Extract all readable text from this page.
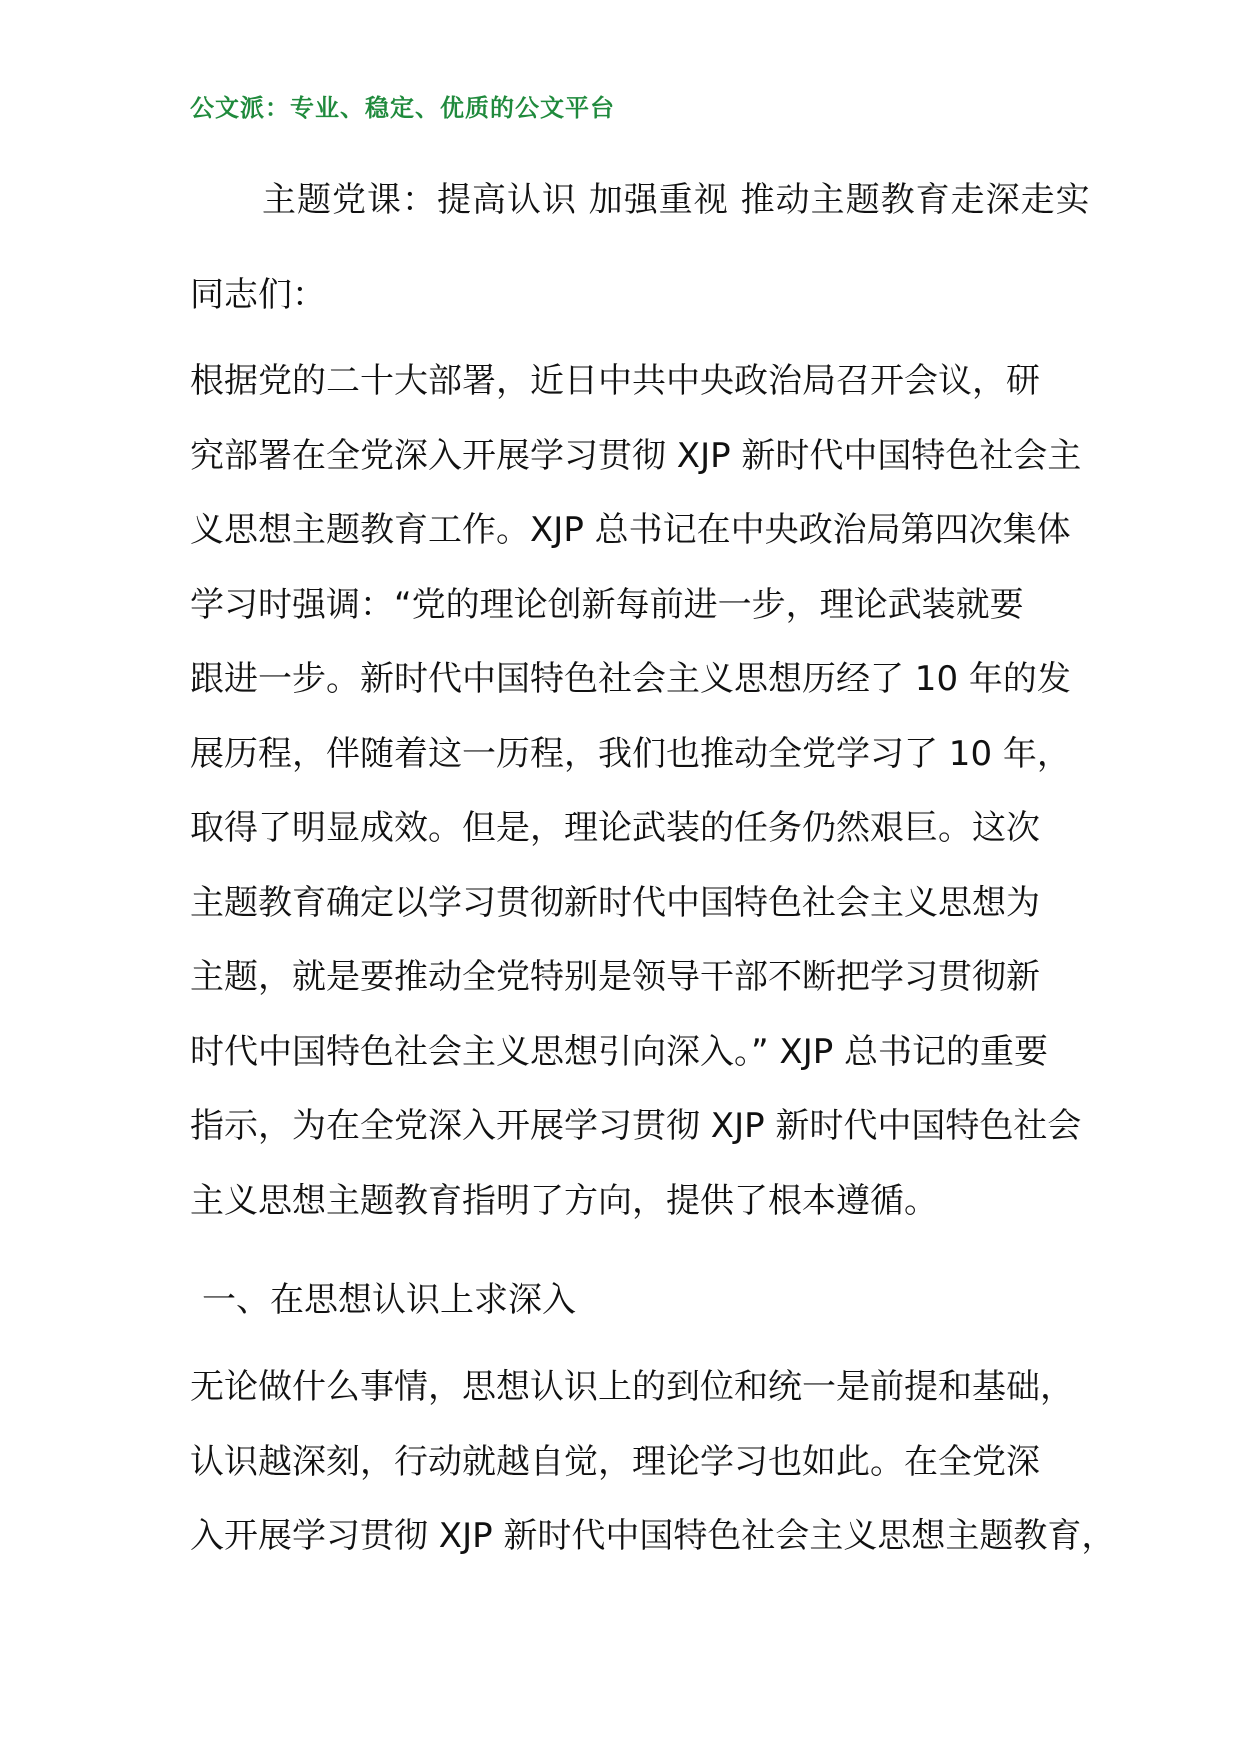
公文派：专业、稳定、优质的公文平台
主题党课：提高认识 加强重视 推动主题教育走深走实
同志们：
根据党的二十大部署，近日中共中央政治局召开会议，研
究部署在全党深入开展学习贯彻 XJP 新时代中国特色社会主
义思想主题教育工作。XJP 总书记在中央政治局第四次集体
学习时强调：“党的理论创新每前进一步，理论武装就要
跟进一步。新时代中国特色社会主义思想历经了 10 年的发
展历程，伴随着这一历程，我们也推动全党学习了 10 年，
取得了明显成效。但是，理论武装的任务仍然艰巨。这次
主题教育确定以学习贯彻新时代中国特色社会主义思想为
主题，就是要推动全党特别是领导干部不断把学习贯彻新
时代中国特色社会主义思想引向深入。” XJP 总书记的重要
指示，为在全党深入开展学习贯彻 XJP 新时代中国特色社会
主义思想主题教育指明了方向，提供了根本遵循。
一、在思想认识上求深入
无论做什么事情，思想认识上的到位和统一是前提和基础，
认识越深刻，行动就越自觉，理论学习也如此。在全党深
入开展学习贯彻 XJP 新时代中国特色社会主义思想主题教育，
